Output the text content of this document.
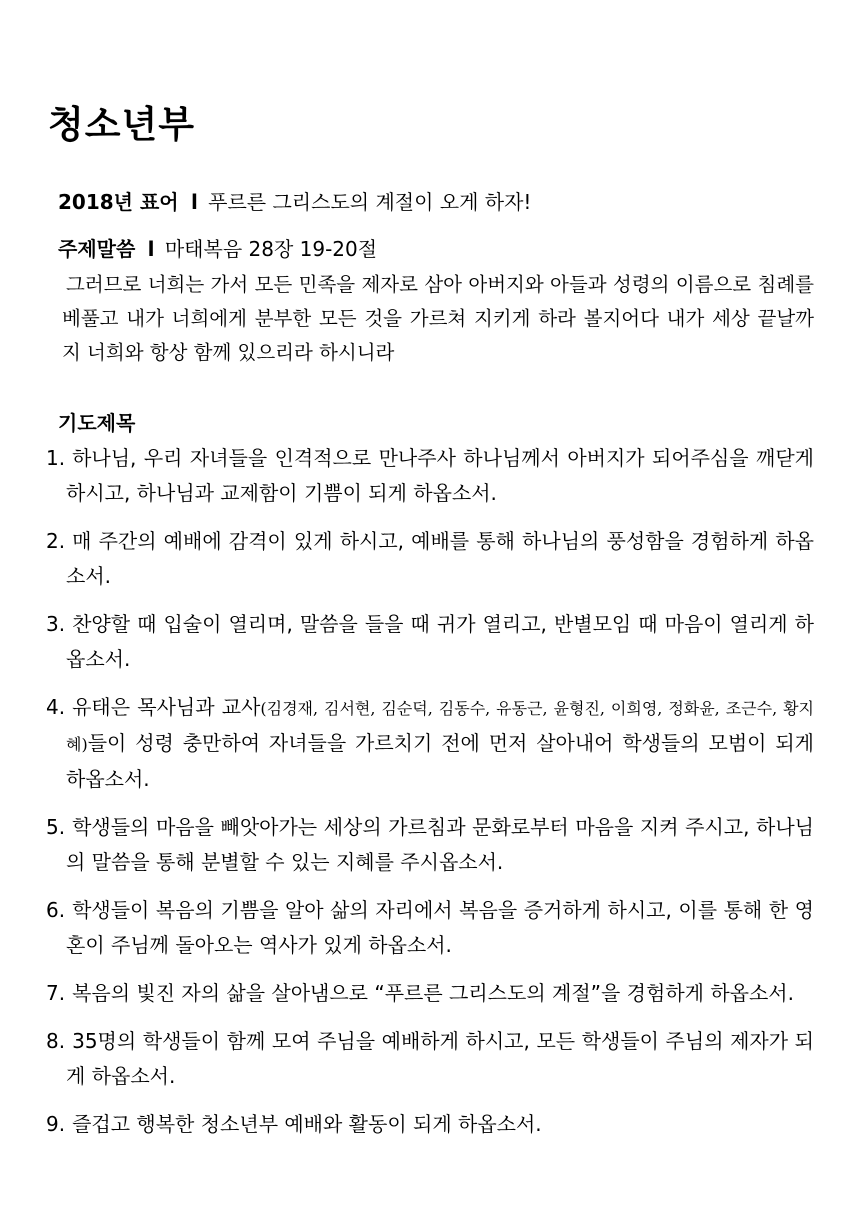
청소년부
2018년 표어 l 푸르른 그리스도의 계절이 오게 하자!
주제말씀 l 마태복음 28장 19-20절

그러므로 너희는 가서 모든 민족을 제자로 삼아 아버지와 아들과 성령의 이름으로 침례를 베풀고 내가 너희에게 분부한 모든 것을 가르쳐 지키게 하라 볼지어다 내가 세상 끝날까지 너희와 항상 함께 있으리라 하시니라

기도제목
1. 하나님, 우리 자녀들을 인격적으로 만나주사 하나님께서 아버지가 되어주심을 깨닫게 하시고, 하나님과 교제함이 기쁨이 되게 하옵소서.
2. 매 주간의 예배에 감격이 있게 하시고, 예배를 통해 하나님의 풍성함을 경험하게 하옵소서.
3. 찬양할 때 입술이 열리며, 말씀을 들을 때 귀가 열리고, 반별모임 때 마음이 열리게 하옵소서.
4. 유태은 목사님과 교사(김경재, 김서현, 김순덕, 김동수, 유동근, 윤형진, 이희영, 정화윤, 조근수, 황지혜)들이 성령 충만하여 자녀들을 가르치기 전에 먼저 살아내어 학생들의 모범이 되게 하옵소서.
5. 학생들의 마음을 빼앗아가는 세상의 가르침과 문화로부터 마음을 지켜 주시고, 하나님의 말씀을 통해 분별할 수 있는 지혜를 주시옵소서.
6. 학생들이 복음의 기쁨을 알아 삶의 자리에서 복음을 증거하게 하시고, 이를 통해 한 영혼이 주님께 돌아오는 역사가 있게 하옵소서.
7. 복음의 빛진 자의 삶을 살아냄으로 “푸르른 그리스도의 계절”을 경험하게 하옵소서.
8. 35명의 학생들이 함께 모여 주님을 예배하게 하시고, 모든 학생들이 주님의 제자가 되게 하옵소서.
9. 즐겁고 행복한 청소년부 예배와 활동이 되게 하옵소서.
